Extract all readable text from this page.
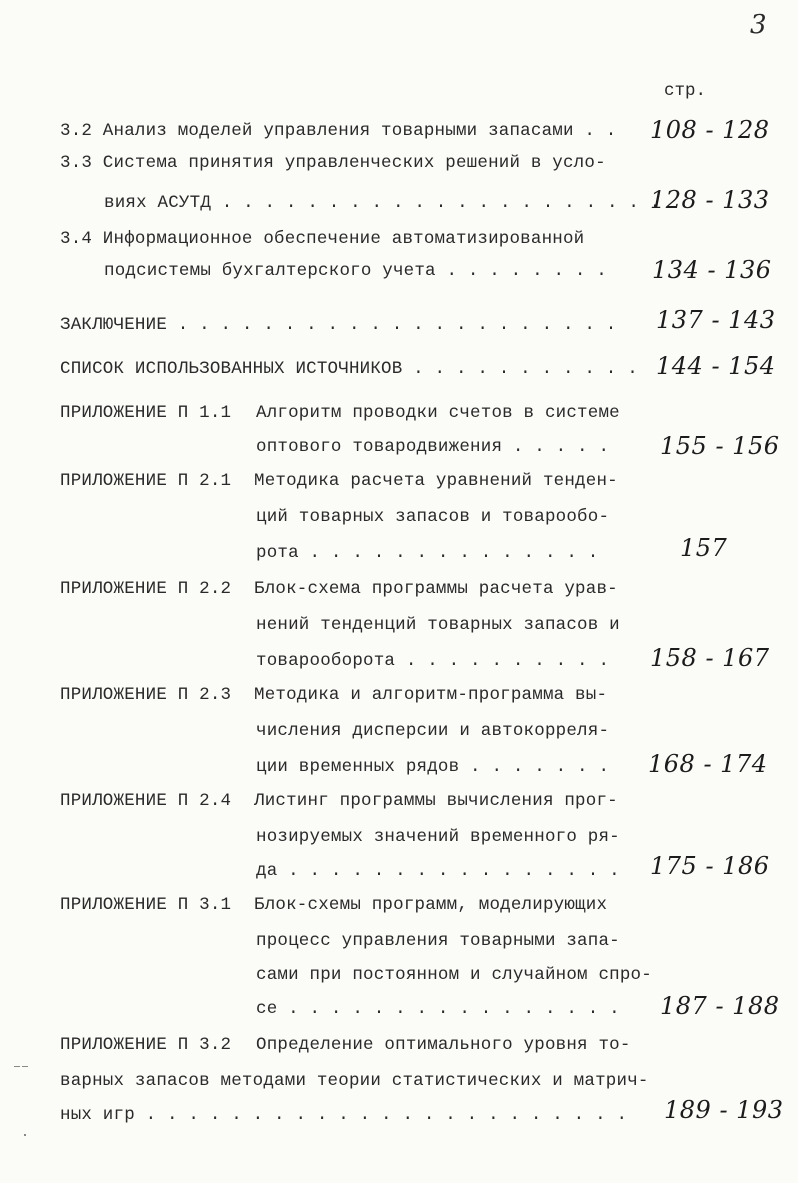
3
стр.
3.2 Анализ моделей управления товарными запасами . . 108 - 128
3.3 Система принятия управленческих решений в усло-
виях АСУТД . . . . . . . . . . . . . . . . . . . . .
128 - 133
3.4 Информационное обеспечение автоматизированной
подсистемы бухгалтерского учета . . . . . . . . 134 - 136
ЗАКЛЮЧЕНИЕ . . . . . . . . . . . . . . . . . . . . . 137 - 143
СПИСОК ИСПОЛЬЗОВАННЫХ ИСТОЧНИКОВ . . . . . . . . . . . 144 - 154
ПРИЛОЖЕНИЕ П 1.1 Алгоритм проводки счетов в системе
оптового товародвижения . . . . . 155 - 156
ПРИЛОЖЕНИЕ П 2.1 Методика расчета уравнений тенден-
ций товарных запасов и товарообо-
рота . . . . . . . . . . . . . .	157
ПРИЛОЖЕНИЕ П 2.2 Блок-схема программы расчета урав-
нений тенденций товарных запасов и
товарооборота . . . . . . . . . . 158 - 167
ПРИЛОЖЕНИЕ П 2.3 Методика и алгоритм-программа вы-
числения дисперсии и автокорреля-
ции временных рядов . . . . . . . 168 - 174
ПРИЛОЖЕНИЕ П 2.4 Листинг программы вычисления прог-
нозируемых значений временного ря-
да . . . . . . . . . . . . . . . . 175 - 186
ПРИЛОЖЕНИЕ П 3.1 Блок-схемы программ, моделирующих
процесс управления товарными запа-
сами при постоянном и случайном спро-
се . . . . . . . . . . . . . . . . 187 - 188
ПРИЛОЖЕНИЕ П 3.2 Определение оптимального уровня то-
варных запасов методами теории статистических и матрич-
ных игр . . . . . . . . . . . . . . . . . . . . . . . 189 - 193
